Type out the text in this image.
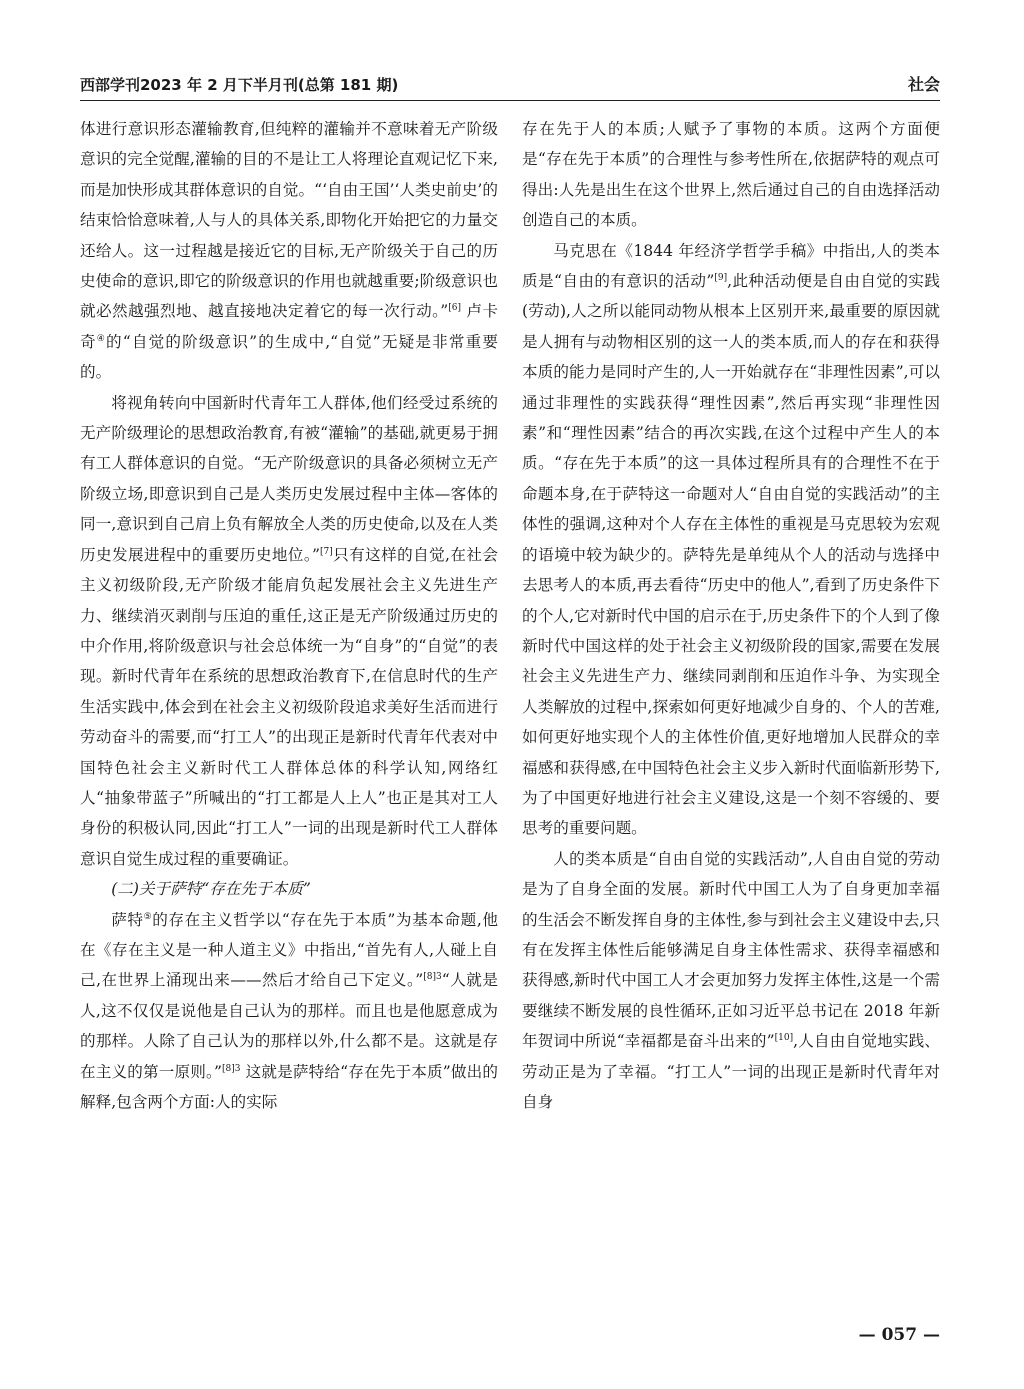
西部学刊2023 年 2 月下半月刊(总第 181 期)	社会

体进行意识形态灌输教育,但纯粹的灌输并不意味着无产阶级意识的完全觉醒,灌输的目的不是让工人将理论直观记忆下来,而是加快形成其群体意识的自觉。“‘自由王国’‘人类史前史’的结束恰恰意味着,人与人的具体关系,即物化开始把它的力量交还给人。这一过程越是接近它的目标,无产阶级关于自己的历史使命的意识,即它的阶级意识的作用也就越重要;阶级意识也就必然越强烈地、越直接地决定着它的每一次行动。”[6] 卢卡奇④的“自觉的阶级意识”的生成中,“自觉”无疑是非常重要的。

将视角转向中国新时代青年工人群体,他们经受过系统的无产阶级理论的思想政治教育,有被“灌输”的基础,就更易于拥有工人群体意识的自觉。“无产阶级意识的具备必须树立无产阶级立场,即意识到自己是人类历史发展过程中主体—客体的同一,意识到自己肩上负有解放全人类的历史使命,以及在人类历史发展进程中的重要历史地位。”[7]只有这样的自觉,在社会主义初级阶段,无产阶级才能肩负起发展社会主义先进生产力、继续消灭剥削与压迫的重任,这正是无产阶级通过历史的中介作用,将阶级意识与社会总体统一为“自身”的“自觉”的表现。新时代青年在系统的思想政治教育下,在信息时代的生产生活实践中,体会到在社会主义初级阶段追求美好生活而进行劳动奋斗的需要,而“打工人”的出现正是新时代青年代表对中国特色社会主义新时代工人群体总体的科学认知,网络红人“抽象带蓝子”所喊出的“打工都是人上人”也正是其对工人身份的积极认同,因此“打工人”一词的出现是新时代工人群体意识自觉生成过程的重要确证。

(二)关于萨特“存在先于本质”

萨特⑤的存在主义哲学以“存在先于本质”为基本命题,他在《存在主义是一种人道主义》中指出,“首先有人,人碰上自己,在世界上涌现出来——然后才给自己下定义。”$^{[8]3}$“人就是人,这不仅仅是说他是自己认为的那样。而且也是他愿意成为的那样。人除了自己认为的那样以外,什么都不是。这就是存在主义的第一原则。”$^{[8]3}$ 这就是萨特给“存在先于本质”做出的解释,包含两个方面:人的实际

存在先于人的本质;人赋予了事物的本质。这两个方面便是“存在先于本质”的合理性与参考性所在,依据萨特的观点可得出:人先是出生在这个世界上,然后通过自己的自由选择活动创造自己的本质。

马克思在《1844 年经济学哲学手稿》中指出,人的类本质是“自由的有意识的活动”[9],此种活动便是自由自觉的实践(劳动),人之所以能同动物从根本上区别开来,最重要的原因就是人拥有与动物相区别的这一人的类本质,而人的存在和获得本质的能力是同时产生的,人一开始就存在“非理性因素”,可以通过非理性的实践获得“理性因素”,然后再实现“非理性因素”和“理性因素”结合的再次实践,在这个过程中产生人的本质。“存在先于本质”的这一具体过程所具有的合理性不在于命题本身,在于萨特这一命题对人“自由自觉的实践活动”的主体性的强调,这种对个人存在主体性的重视是马克思较为宏观的语境中较为缺少的。萨特先是单纯从个人的活动与选择中去思考人的本质,再去看待“历史中的他人”,看到了历史条件下的个人,它对新时代中国的启示在于,历史条件下的个人到了像新时代中国这样的处于社会主义初级阶段的国家,需要在发展社会主义先进生产力、继续同剥削和压迫作斗争、为实现全人类解放的过程中,探索如何更好地减少自身的、个人的苦难,如何更好地实现个人的主体性价值,更好地增加人民群众的幸福感和获得感,在中国特色社会主义步入新时代面临新形势下,为了中国更好地进行社会主义建设,这是一个刻不容缓的、要思考的重要问题。

人的类本质是“自由自觉的实践活动”,人自由自觉的劳动是为了自身全面的发展。新时代中国工人为了自身更加幸福的生活会不断发挥自身的主体性,参与到社会主义建设中去,只有在发挥主体性后能够满足自身主体性需求、获得幸福感和获得感,新时代中国工人才会更加努力发挥主体性,这是一个需要继续不断发展的良性循环,正如习近平总书记在 2018 年新年贺词中所说“幸福都是奋斗出来的”[10],人自由自觉地实践、劳动正是为了幸福。“打工人”一词的出现正是新时代青年对自身

— 057 —
